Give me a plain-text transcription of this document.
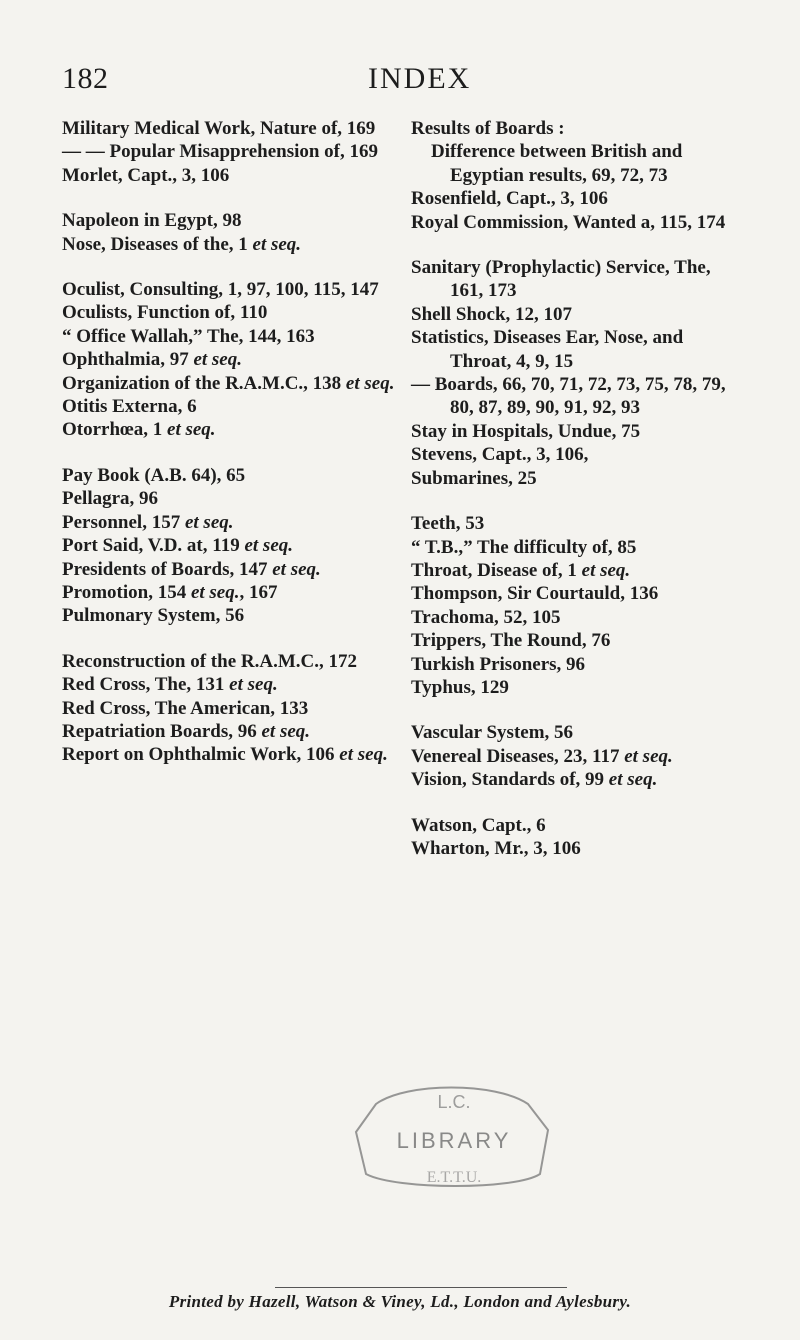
182	INDEX
Military Medical Work, Nature of, 169
— — Popular Misapprehension of, 169
Morlet, Capt., 3, 106
Napoleon in Egypt, 98
Nose, Diseases of the, 1 et seq.
Oculist, Consulting, 1, 97, 100, 115, 147
Oculists, Function of, 110
“ Office Wallah,” The, 144, 163
Ophthalmia, 97 et seq.
Organization of the R.A.M.C., 138 et seq.
Otitis Externa, 6
Otorrhœa, 1 et seq.
Pay Book (A.B. 64), 65
Pellagra, 96
Personnel, 157 et seq.
Port Said, V.D. at, 119 et seq.
Presidents of Boards, 147 et seq.
Promotion, 154 et seq., 167
Pulmonary System, 56
Reconstruction of the R.A.M.C., 172
Red Cross, The, 131 et seq.
Red Cross, The American, 133
Repatriation Boards, 96 et seq.
Report on Ophthalmic Work, 106 et seq.
Results of Boards :
Difference between British and Egyptian results, 69, 72, 73
Rosenfield, Capt., 3, 106
Royal Commission, Wanted a, 115, 174
Sanitary (Prophylactic) Service, The, 161, 173
Shell Shock, 12, 107
Statistics, Diseases Ear, Nose, and Throat, 4, 9, 15
— Boards, 66, 70, 71, 72, 73, 75, 78, 79, 80, 87, 89, 90, 91, 92, 93
Stay in Hospitals, Undue, 75
Stevens, Capt., 3, 106,
Submarines, 25
Teeth, 53
“ T.B.,” The difficulty of, 85
Throat, Disease of, 1 et seq.
Thompson, Sir Courtauld, 136
Trachoma, 52, 105
Trippers, The Round, 76
Turkish Prisoners, 96
Typhus, 129
Vascular System, 56
Venereal Diseases, 23, 117 et seq.
Vision, Standards of, 99 et seq.
Watson, Capt., 6
Wharton, Mr., 3, 106
L.C.
LIBRARY
E.T.T.U.
Printed by Hazell, Watson & Viney, Ld., London and Aylesbury.
